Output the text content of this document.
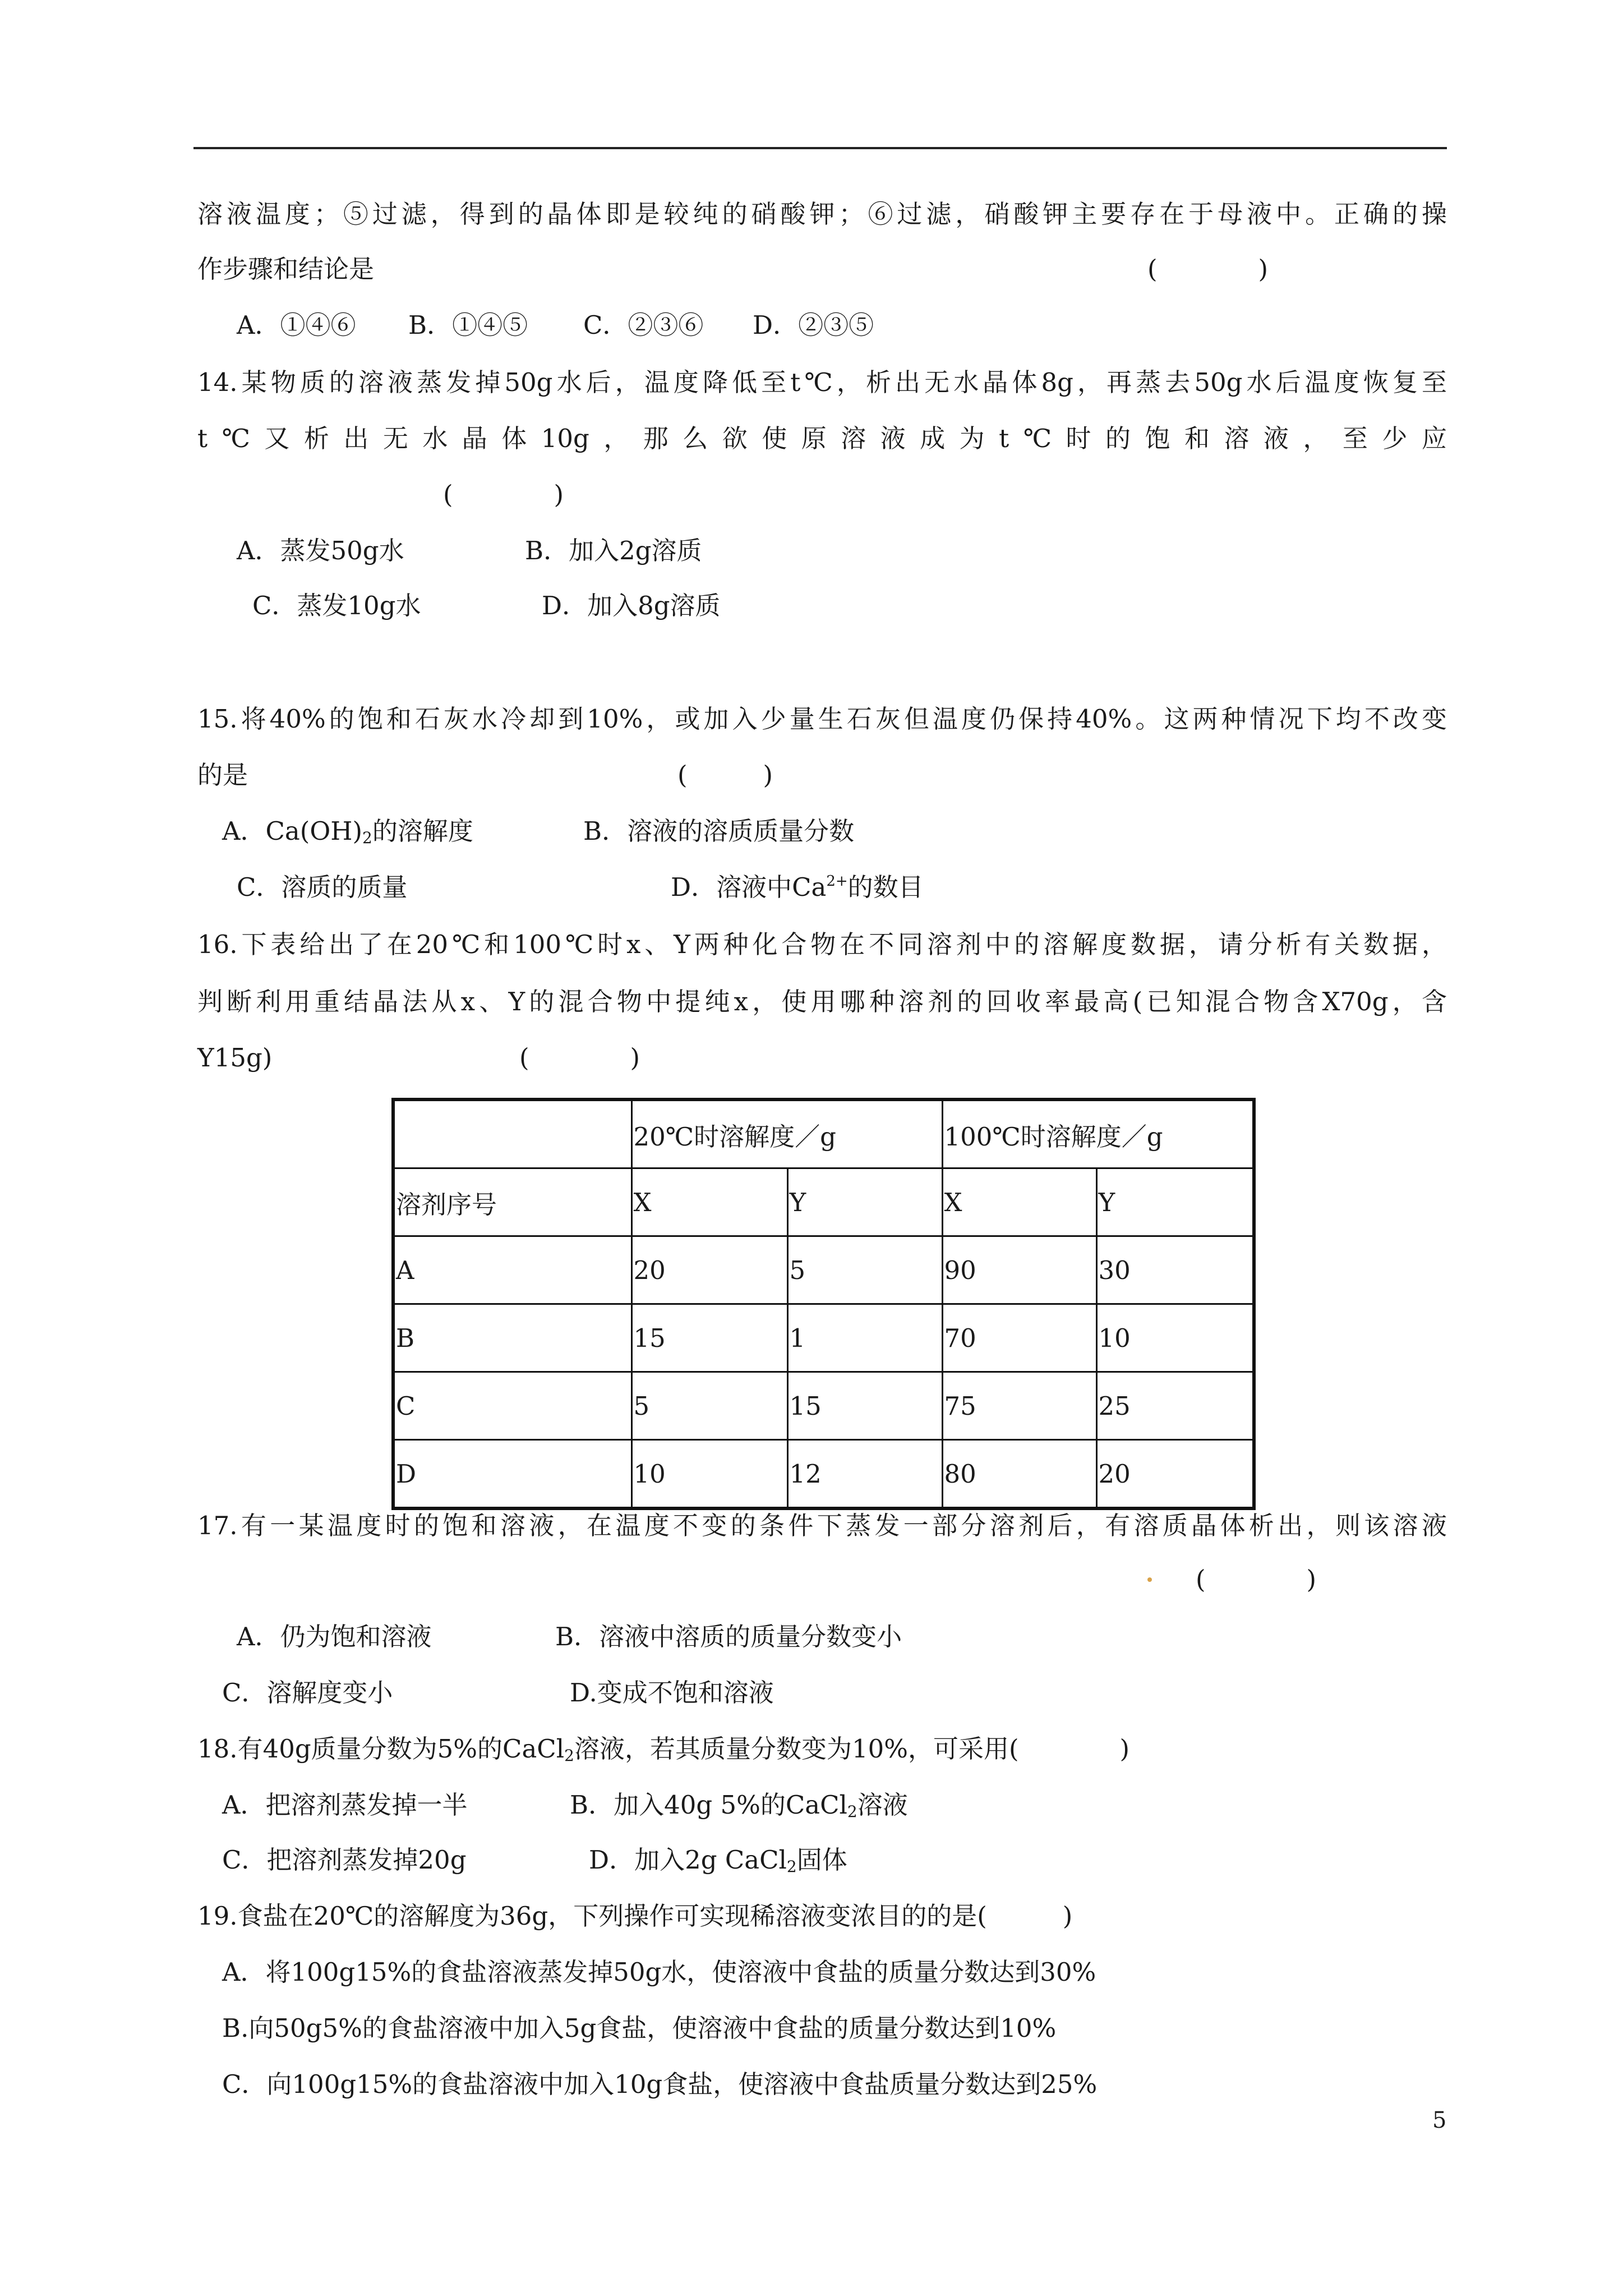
溶液温度；⑤过滤，得到的晶体即是较纯的硝酸钾；⑥过滤，硝酸钾主要存在于母液中。正确的操
作步骤和结论是	(　　　　)
A．①④⑥ B．①④⑤ C．②③⑥ D．②③⑤
14.某物质的溶液蒸发掉50g水后，温度降低至t℃，析出无水晶体8g，再蒸去50g水后温度恢复至
t ℃ 又 析 出 无 水 晶 体 10g ， 那 么 欲 使 原 溶 液 成 为 t ℃ 时 的 饱 和 溶 液 ， 至 少 应
(　　　　)
A．蒸发50g水	B．加入2g溶质
C．蒸发10g水	D．加入8g溶质
15.将40%的饱和石灰水冷却到10%，或加入少量生石灰但温度仍保持40%。这两种情况下均不改变
的是	(　　　)
A．$Ca(OH)_2$的溶解度	B．溶液的溶质质量分数
C．溶质的质量	D．溶液中$Ca^{2+}$的数目
16.下表给出了在20℃和100℃时x、Y两种化合物在不同溶剂中的溶解度数据，请分析有关数据，
判断利用重结晶法从x、Y的混合物中提纯x，使用哪种溶剂的回收率最高(已知混合物含X70g，含
Y15g)	(　　　　)
	20℃时溶解度／g		100℃时溶解度／g	
溶剂序号	X	Y	X	Y
A	20	5	90	30
B	15	1	70	10
C	5	15	75	25
D	10	12	80	20
17.有一某温度时的饱和溶液，在温度不变的条件下蒸发一部分溶剂后，有溶质晶体析出，则该溶液
(　　　　)
A．仍为饱和溶液	B．溶液中溶质的质量分数变小
C．溶解度变小	D.变成不饱和溶液
18.有40g质量分数为5%的CaCl$_2$溶液，若其质量分数变为10%，可采用(　　　　)
A．把溶剂蒸发掉一半	B．加入40g 5%的CaCl$_2$溶液
C．把溶剂蒸发掉20g	D．加入2g CaCl$_2$固体
19.食盐在20℃的溶解度为36g，下列操作可实现稀溶液变浓目的的是(　　　)
A．将100g15%的食盐溶液蒸发掉50g水，使溶液中食盐的质量分数达到30%
B.向50g5%的食盐溶液中加入5g食盐，使溶液中食盐的质量分数达到10%
C．向100g15%的食盐溶液中加入10g食盐，使溶液中食盐质量分数达到25%
5
